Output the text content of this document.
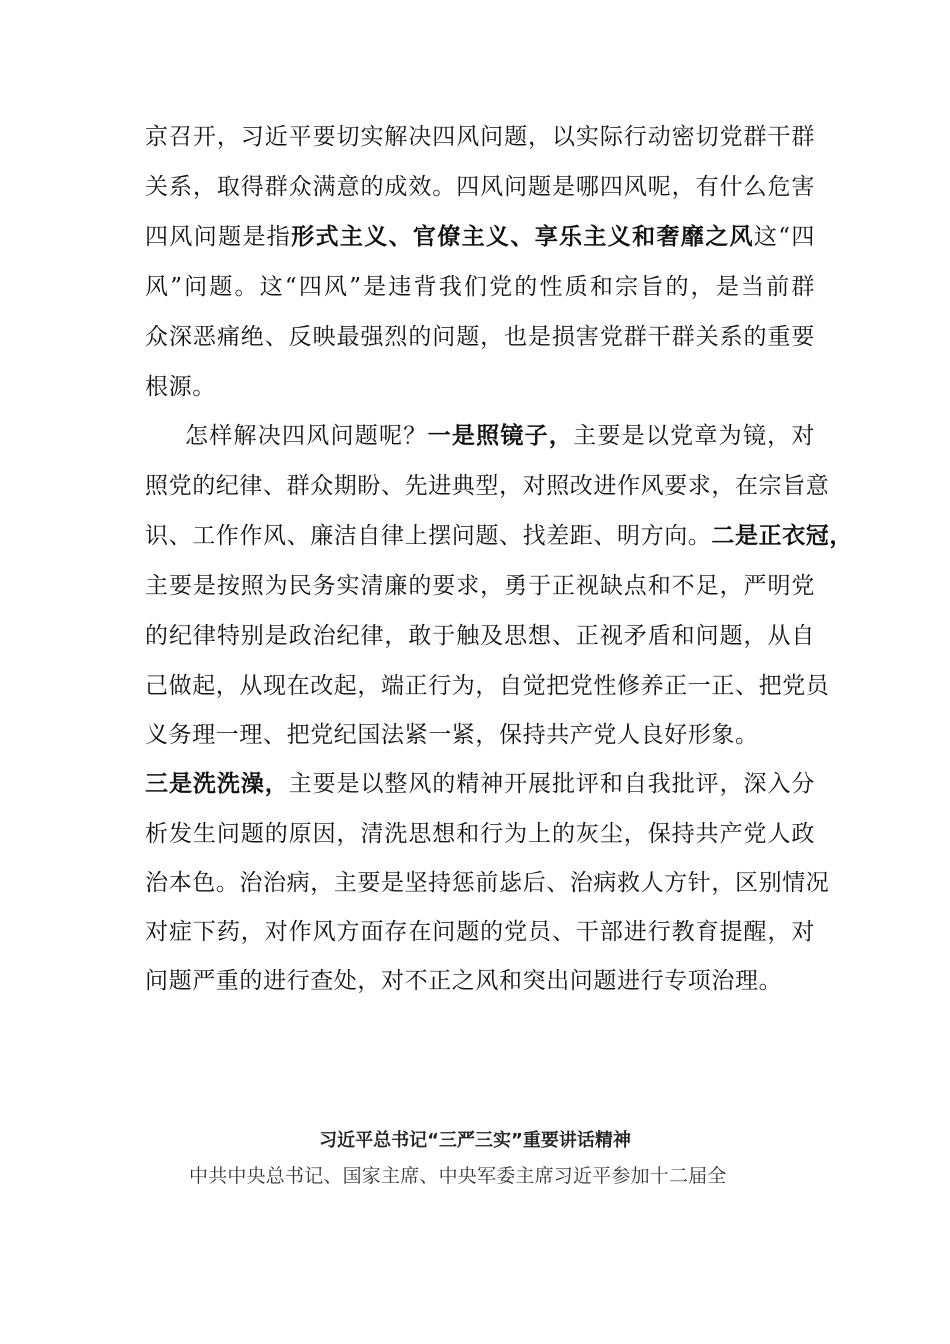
京召开，习近平要切实解决四风问题，以实际行动密切党群干群
关系，取得群众满意的成效。四风问题是哪四风呢，有什么危害
四风问题是指形式主义、官僚主义、享乐主义和奢靡之风这“四
风”问题。这“四风”是违背我们党的性质和宗旨的，是当前群
众深恶痛绝、反映最强烈的问题，也是损害党群干群关系的重要
根源。
怎样解决四风问题呢？一是照镜子，主要是以党章为镜，对
照党的纪律、群众期盼、先进典型，对照改进作风要求，在宗旨意
识、工作作风、廉洁自律上摆问题、找差距、明方向。二是正衣冠，
主要是按照为民务实清廉的要求，勇于正视缺点和不足，严明党
的纪律特别是政治纪律，敢于触及思想、正视矛盾和问题，从自
己做起，从现在改起，端正行为，自觉把党性修养正一正、把党员
义务理一理、把党纪国法紧一紧，保持共产党人良好形象。
三是洗洗澡，主要是以整风的精神开展批评和自我批评，深入分
析发生问题的原因，清洗思想和行为上的灰尘，保持共产党人政
治本色。治治病，主要是坚持惩前毖后、治病救人方针，区别情况
对症下药，对作风方面存在问题的党员、干部进行教育提醒，对
问题严重的进行查处，对不正之风和突出问题进行专项治理。
习近平总书记“三严三实”重要讲话精神
中共中央总书记、国家主席、中央军委主席习近平参加十二届全
